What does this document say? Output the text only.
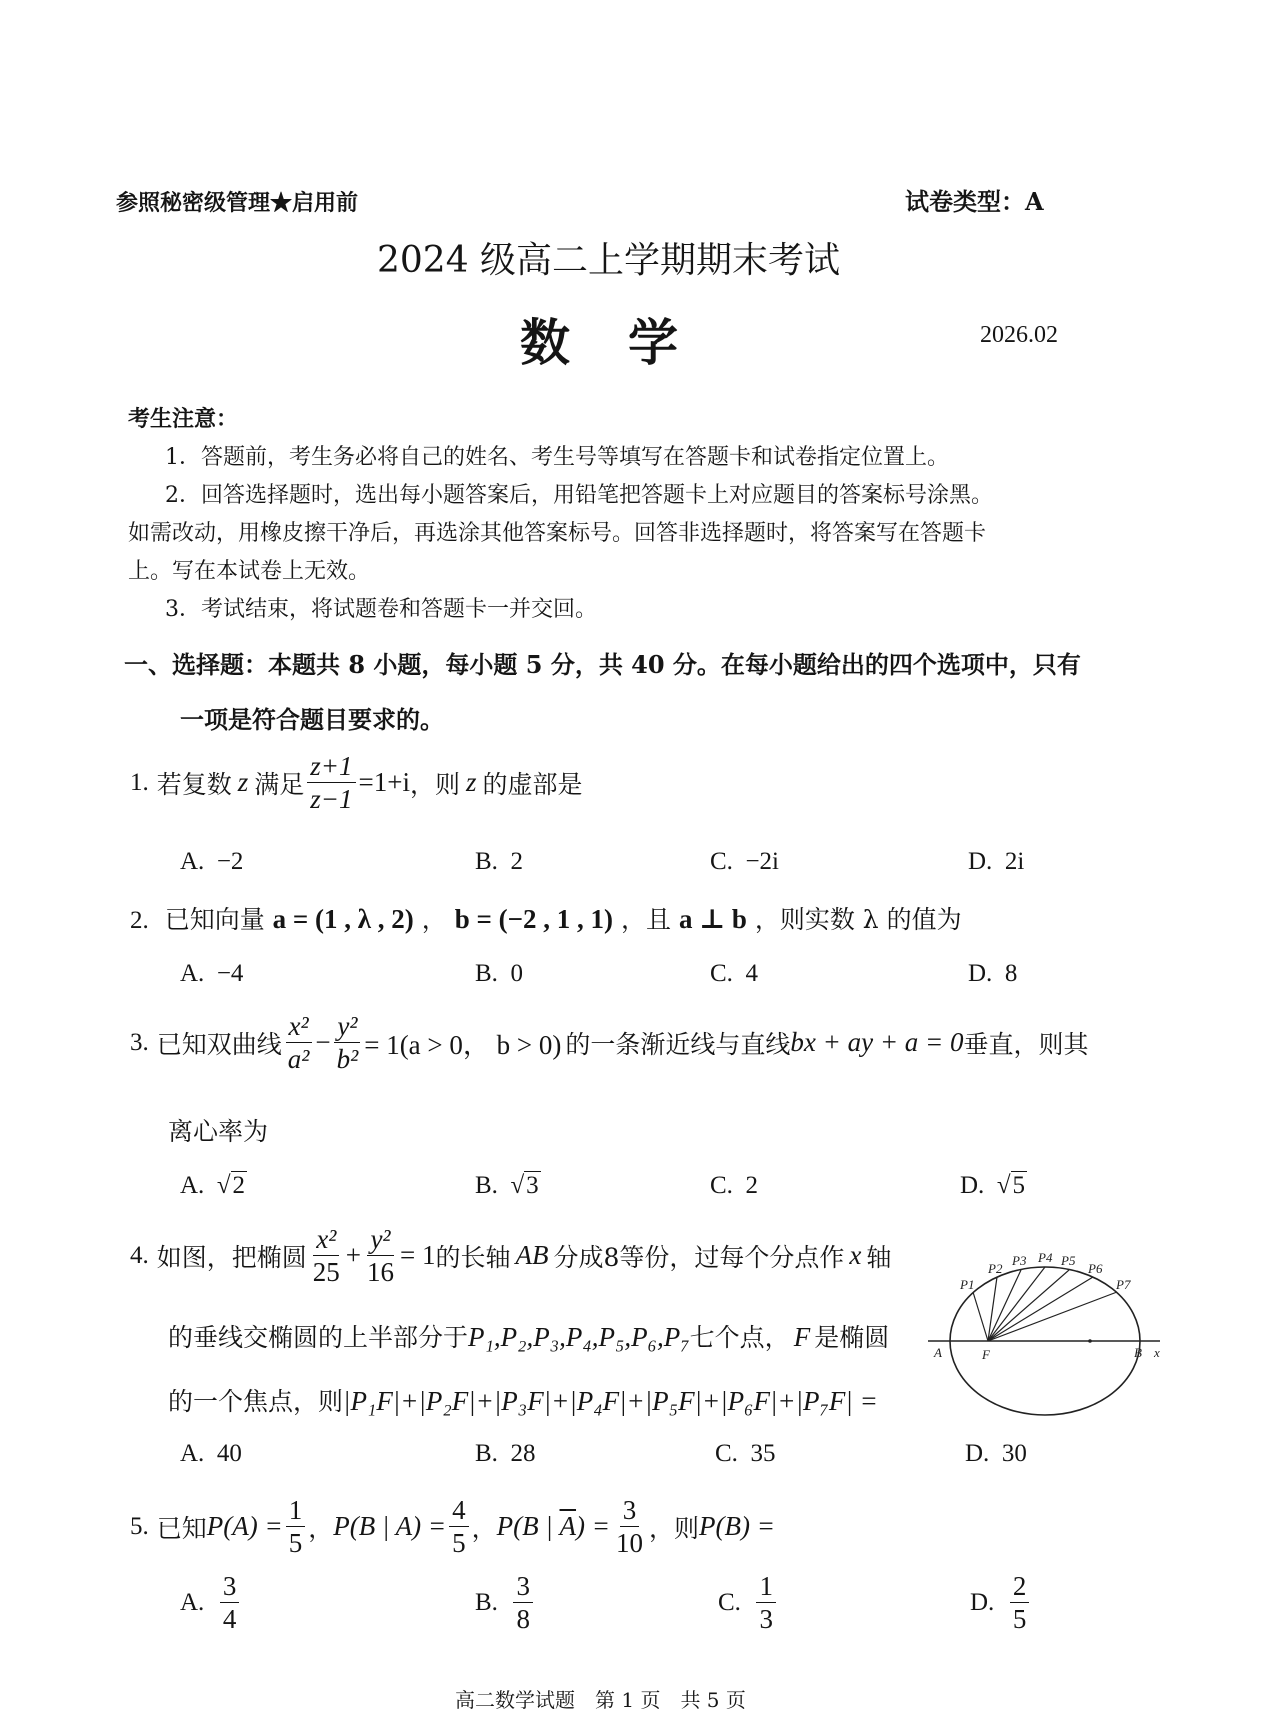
参照秘密级管理★启用前	试卷类型：A
2024 级高二上学期期末考试
数　学	2026.02
考生注意：
1．答题前，考生务必将自己的姓名、考生号等填写在答题卡和试卷指定位置上。
2．回答选择题时，选出每小题答案后，用铅笔把答题卡上对应题目的答案标号涂黑。
如需改动，用橡皮擦干净后，再选涂其他答案标号。回答非选择题时，将答案写在答题卡
上。写在本试卷上无效。
3．考试结束，将试题卷和答题卡一并交回。
一、选择题：本题共 8 小题，每小题 5 分，共 40 分。在每小题给出的四个选项中，只有
一项是符合题目要求的。
1. 若复数 z 满足 $\frac{z+1}{z-1} =1+i$ ，则 z 的虚部是
A. −2	B. 2	C. −2i	D. 2i
2. 已知向量 a = (1 , λ , 2) ， b = (−2 , 1 , 1) ，且 a ⊥ b ，则实数 λ 的值为
A. −4	B. 0	C. 4	D. 8
3. 已知双曲线 $\frac{\text{x²}}{\text{a²}} - \frac{\text{y²}}{\text{b²}} = 1(a > 0$， b > 0) 的一条渐近线与直线 bx + ay + a = 0 垂直，则其
离心率为
A. √2	B. √3	C. 2	D. √5
4. 如图，把椭圆 $\frac{\text{x²}}{25} + \frac{\text{y²}}{16} = 1$ 的长轴 AB 分成8等份，过每个分点作 x 轴
的垂线交椭圆的上半部分于P₁,P₂,P₃,P₄,P₅,P₆,P₇七个点， F 是椭圆
的一个焦点，则|P₁F|+|P₂F|+|P₃F|+|P₄F|+|P₅F|+|P₆F|+|P₇F| =
P1
P2
P3 P4 P5
P6
P7
A	F	B x
A. 40	B. 28	C. 35	D. 30
5. 已知 $P(A) = \frac{1}{5}$ ， P(B | $A) = \frac{4}{5}$ ， P(B | $\overline{A}) = \frac{3}{10}$ ，则 P(B) =
A.
$\frac{3}{4}$	B.
$\frac{3}{8}$	C.
$\frac{1}{3}$	D.
$\frac{2}{5}$
高二数学试题　第 1 页　共 5 页
